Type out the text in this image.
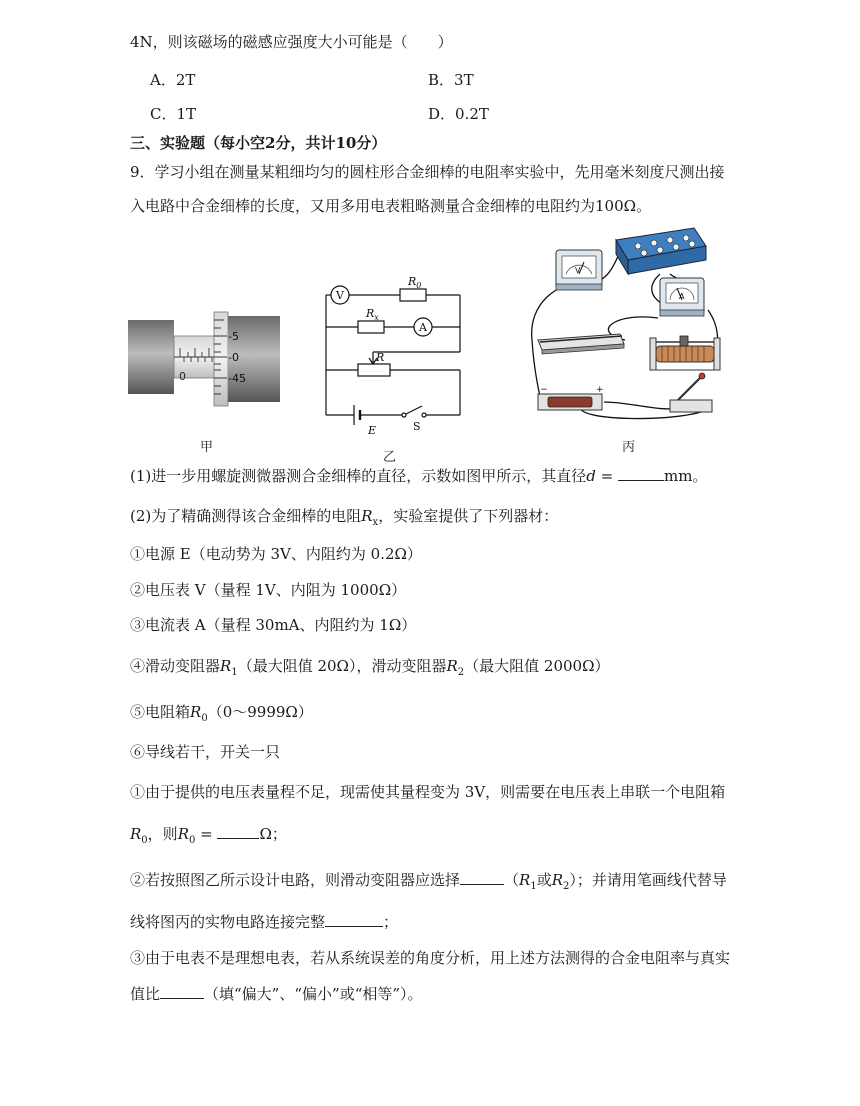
4N，则该磁场的磁感应强度大小可能是（　　）
A．2T	B．3T
C．1T	D．0.2T
三、实验题（每小空2分，共计10分）
9．学习小组在测量某粗细均匀的圆柱形合金细棒的电阻率实验中，先用毫米刻度尺测出接
入电路中合金细棒的长度，又用多用电表粗略测量合金细棒的电阻约为100Ω。
0
-5
-0
-45
甲
V
A
$R_0$
$R_x$
R
E	S
乙
V
A
−	+
丙
(1)进一步用螺旋测微器测合金细棒的直径，示数如图甲所示，其直径d =	mm。
(2)为了精确测得该合金细棒的电阻$R_x$，实验室提供了下列器材：
①电源 E（电动势为 3V、内阻约为 0.2Ω）
②电压表 V（量程 1V、内阻为 1000Ω）
③电流表 A（量程 30mA、内阻约为 1Ω）
④滑动变阻器$R_1$（最大阻值 20Ω），滑动变阻器$R_2$（最大阻值 2000Ω）
⑤电阻箱$R_0(0\sim 9999\Omega)$
⑥导线若干，开关一只
①由于提供的电压表量程不足，现需使其量程变为 3V，则需要在电压表上串联一个电阻箱
$R_0$，则$R_0$ =	Ω；
②若按照图乙所示设计电路，则滑动变阻器应选择	（$R_1$或$R_2$）；并请用笔画线代替导
线将图丙的实物电路连接完整	；
③由于电表不是理想电表，若从系统误差的角度分析，用上述方法测得的合金电阻率与真实
值比	（填“偏大”、“偏小”或“相等”）。
